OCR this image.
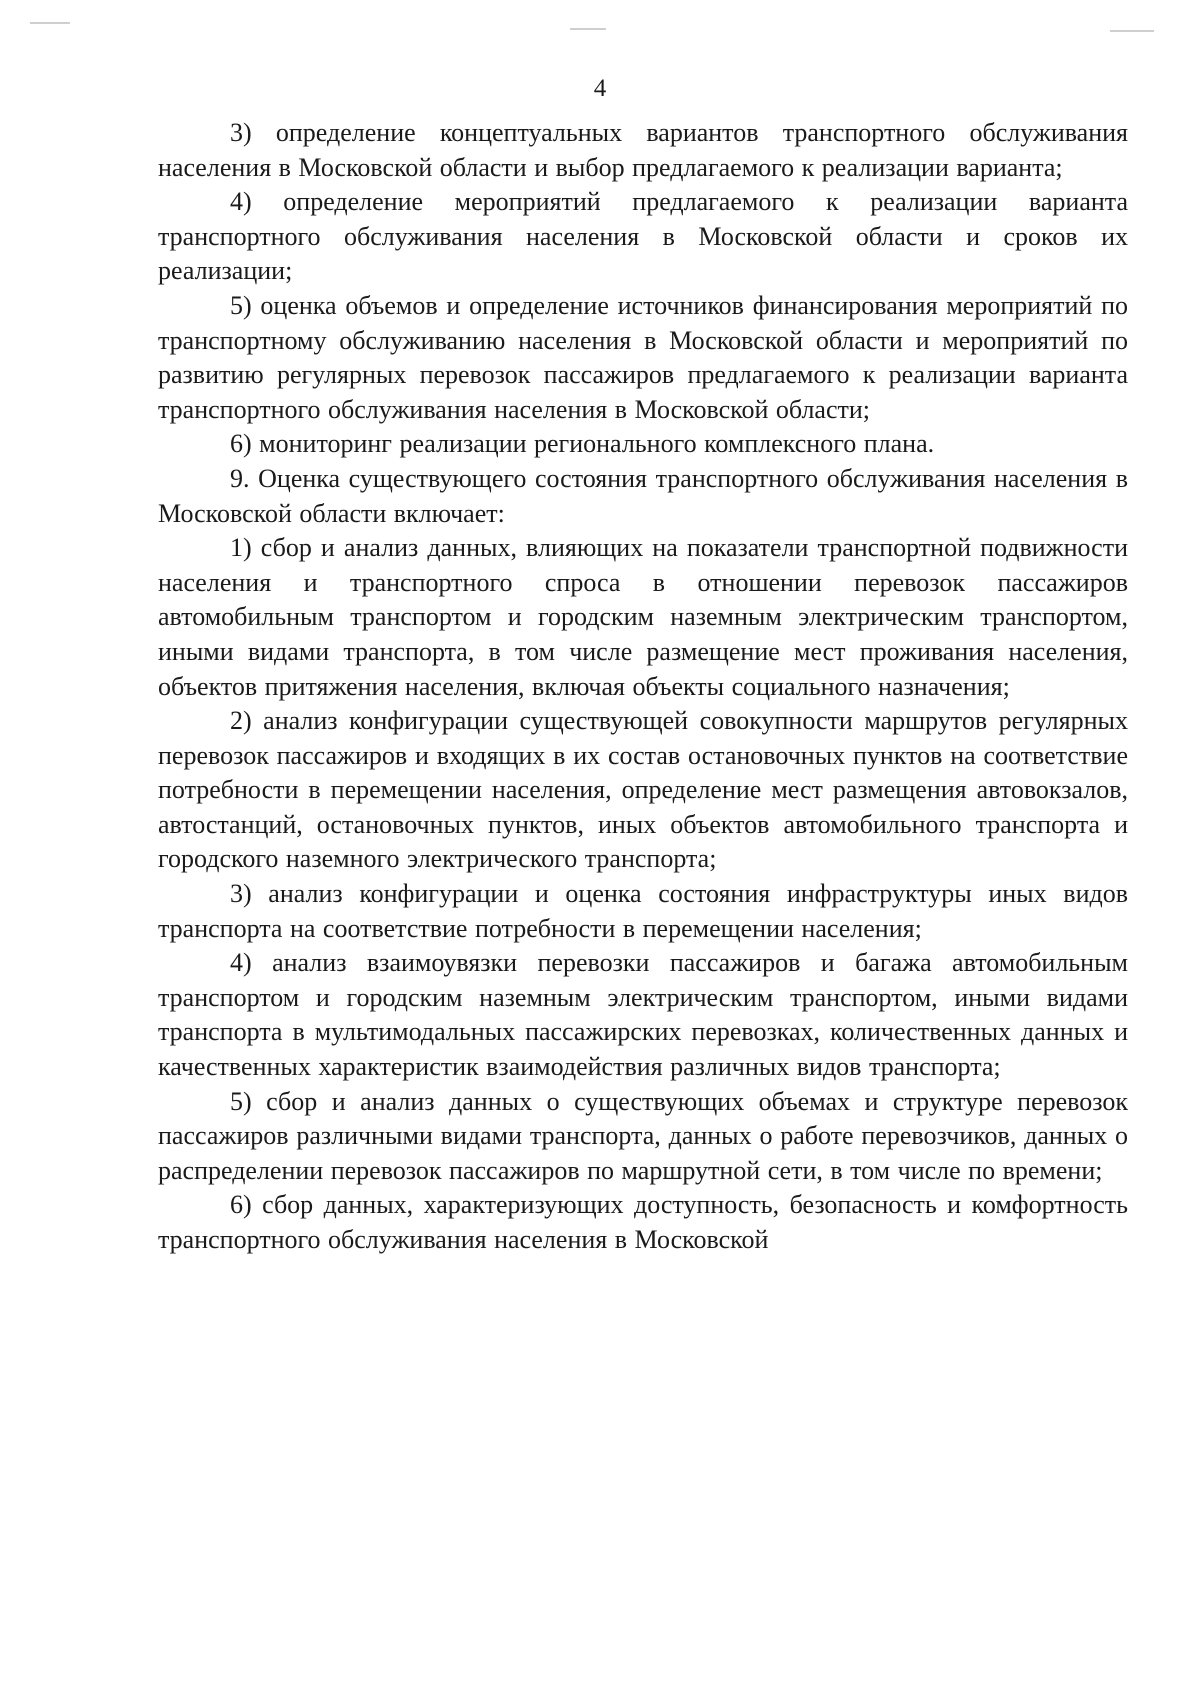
4

3) определение концептуальных вариантов транспортного обслуживания населения в Московской области и выбор предлагаемого к реализации варианта;

4) определение мероприятий предлагаемого к реализации варианта транспортного обслуживания населения в Московской области и сроков их реализации;

5) оценка объемов и определение источников финансирования мероприятий по транспортному обслуживанию населения в Московской области и мероприятий по развитию регулярных перевозок пассажиров предлагаемого к реализации варианта транспортного обслуживания населения в Московской области;

6) мониторинг реализации регионального комплексного плана.

9. Оценка существующего состояния транспортного обслуживания населения в Московской области включает:

1) сбор и анализ данных, влияющих на показатели транспортной подвижности населения и транспортного спроса в отношении перевозок пассажиров автомобильным транспортом и городским наземным электрическим транспортом, иными видами транспорта, в том числе размещение мест проживания населения, объектов притяжения населения, включая объекты социального назначения;

2) анализ конфигурации существующей совокупности маршрутов регулярных перевозок пассажиров и входящих в их состав остановочных пунктов на соответствие потребности в перемещении населения, определение мест размещения автовокзалов, автостанций, остановочных пунктов, иных объектов автомобильного транспорта и городского наземного электрического транспорта;

3) анализ конфигурации и оценка состояния инфраструктуры иных видов транспорта на соответствие потребности в перемещении населения;

4) анализ взаимоувязки перевозки пассажиров и багажа автомобильным транспортом и городским наземным электрическим транспортом, иными видами транспорта в мультимодальных пассажирских перевозках, количественных данных и качественных характеристик взаимодействия различных видов транспорта;

5) сбор и анализ данных о существующих объемах и структуре перевозок пассажиров различными видами транспорта, данных о работе перевозчиков, данных о распределении перевозок пассажиров по маршрутной сети, в том числе по времени;

6) сбор данных, характеризующих доступность, безопасность и комфортность транспортного обслуживания населения в Московской
